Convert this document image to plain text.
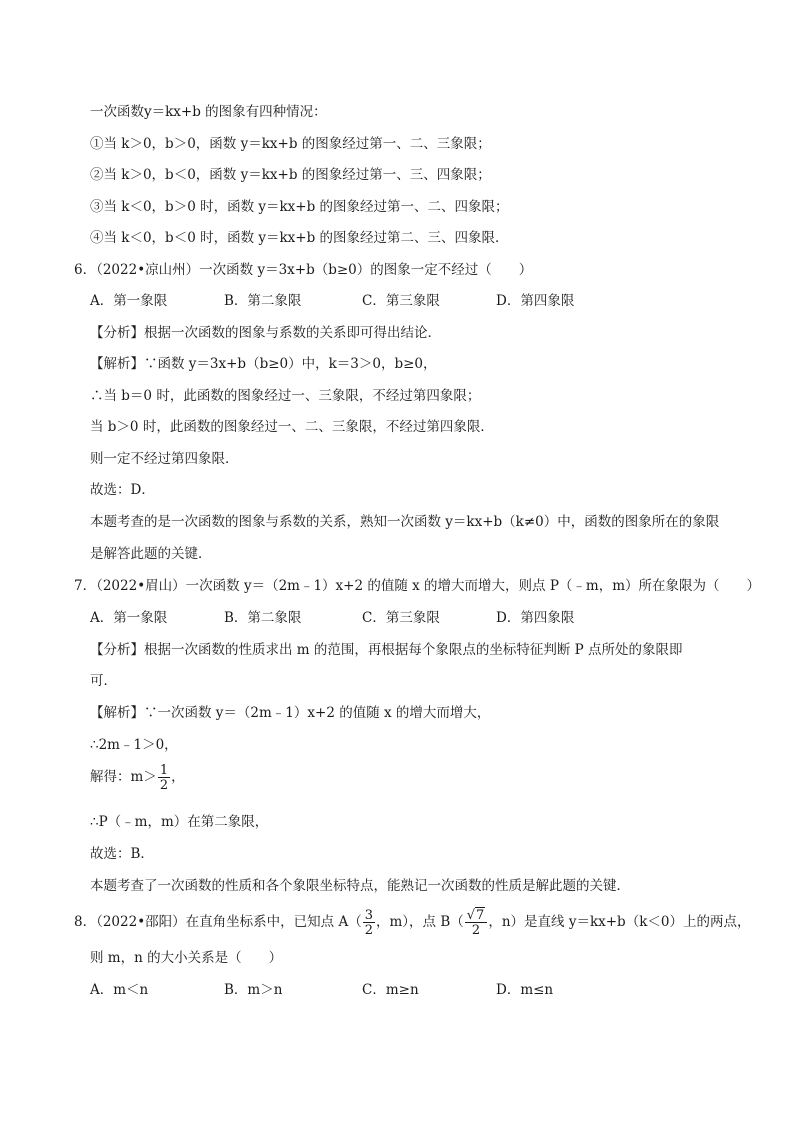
一次函数y＝kx+b 的图象有四种情况：
①当 k＞0，b＞0，函数 y＝kx+b 的图象经过第一、二、三象限；
②当 k＞0，b＜0，函数 y＝kx+b 的图象经过第一、三、四象限；
③当 k＜0，b＞0 时，函数 y＝kx+b 的图象经过第一、二、四象限；
④当 k＜0，b＜0 时，函数 y＝kx+b 的图象经过第二、三、四象限．
6．（2022•凉山州）一次函数 y＝3x+b（b≥0）的图象一定不经过（　　）
A．第一象限	B．第二象限	C．第三象限	D．第四象限
【分析】根据一次函数的图象与系数的关系即可得出结论．
【解析】∵函数 y＝3x+b（b≥0）中，k＝3＞0，b≥0，
∴当 b＝0 时，此函数的图象经过一、三象限，不经过第四象限；
当 b＞0 时，此函数的图象经过一、二、三象限，不经过第四象限．
则一定不经过第四象限．
故选：D．
本题考查的是一次函数的图象与系数的关系，熟知一次函数 y＝kx+b（k≠0）中，函数的图象所在的象限
是解答此题的关键．
7．（2022•眉山）一次函数 y＝（2m﹣1）x+2 的值随 x 的增大而增大，则点 P（﹣m，m）所在象限为（　　）
A．第一象限	B．第二象限	C．第三象限	D．第四象限
【分析】根据一次函数的性质求出 m 的范围，再根据每个象限点的坐标特征判断 P 点所处的象限即
可．
【解析】∵一次函数 y＝（2m﹣1）x+2 的值随 x 的增大而增大，
∴2m﹣1＞0，
解得：$m> \frac{1}{2}$ ，
∴P（﹣m，m）在第二象限，
故选：B．
本题考查了一次函数的性质和各个象限坐标特点，能熟记一次函数的性质是解此题的关键．
8．（2022•邵阳）在直角坐标系中，已知点 $A( \frac{3}{2}$ ，m），点 $B( \frac{√7}{2}$ ，n）是直线 y＝kx+b（k＜0）上的两点，
则 m，n 的大小关系是（　　）
A．m＜n	B．m＞n	C．m≥n	D．m≤n
